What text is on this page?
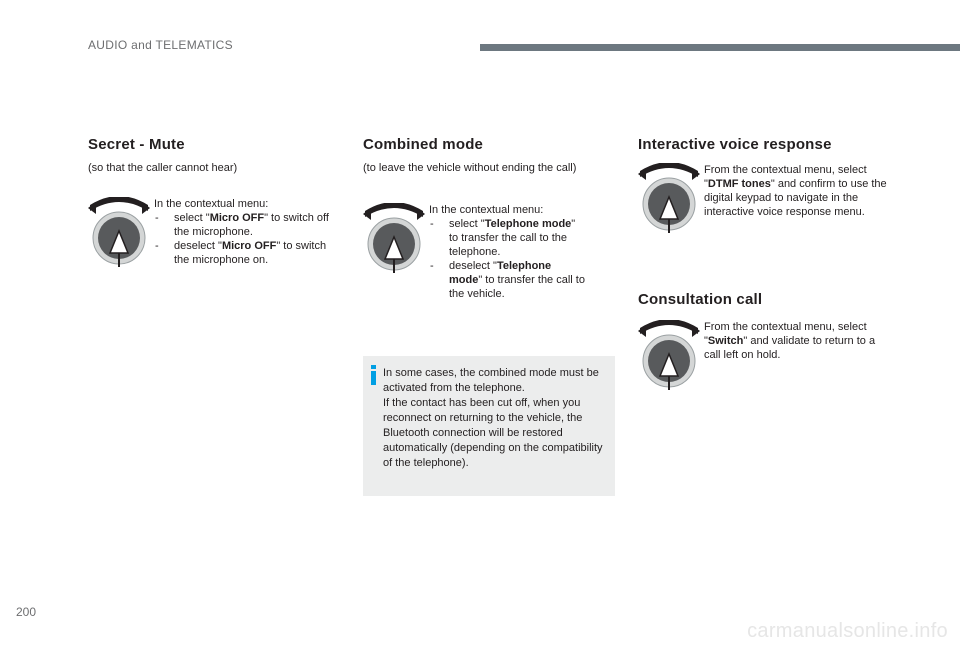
AUDIO and TELEMATICS
Secret - Mute
(so that the caller cannot hear)

In the contextual menu:

- select "Micro OFF" to switch off the microphone.
- deselect "Micro OFF" to switch the microphone on.
Combined mode
(to leave the vehicle without ending the call)

In the contextual menu:

- select "Telephone mode" to transfer the call to the telephone.
- deselect "Telephone mode" to transfer the call to the vehicle.
In some cases, the combined mode must be activated from the telephone.
If the contact has been cut off, when you reconnect on returning to the vehicle, the Bluetooth connection will be restored automatically (depending on the compatibility of the telephone).
Interactive voice response

From the contextual menu, select "DTMF tones" and confirm to use the digital keypad to navigate in the interactive voice response menu.

Consultation call

From the contextual menu, select "Switch" and validate to return to a call left on hold.

200
carmanualsonline.info
